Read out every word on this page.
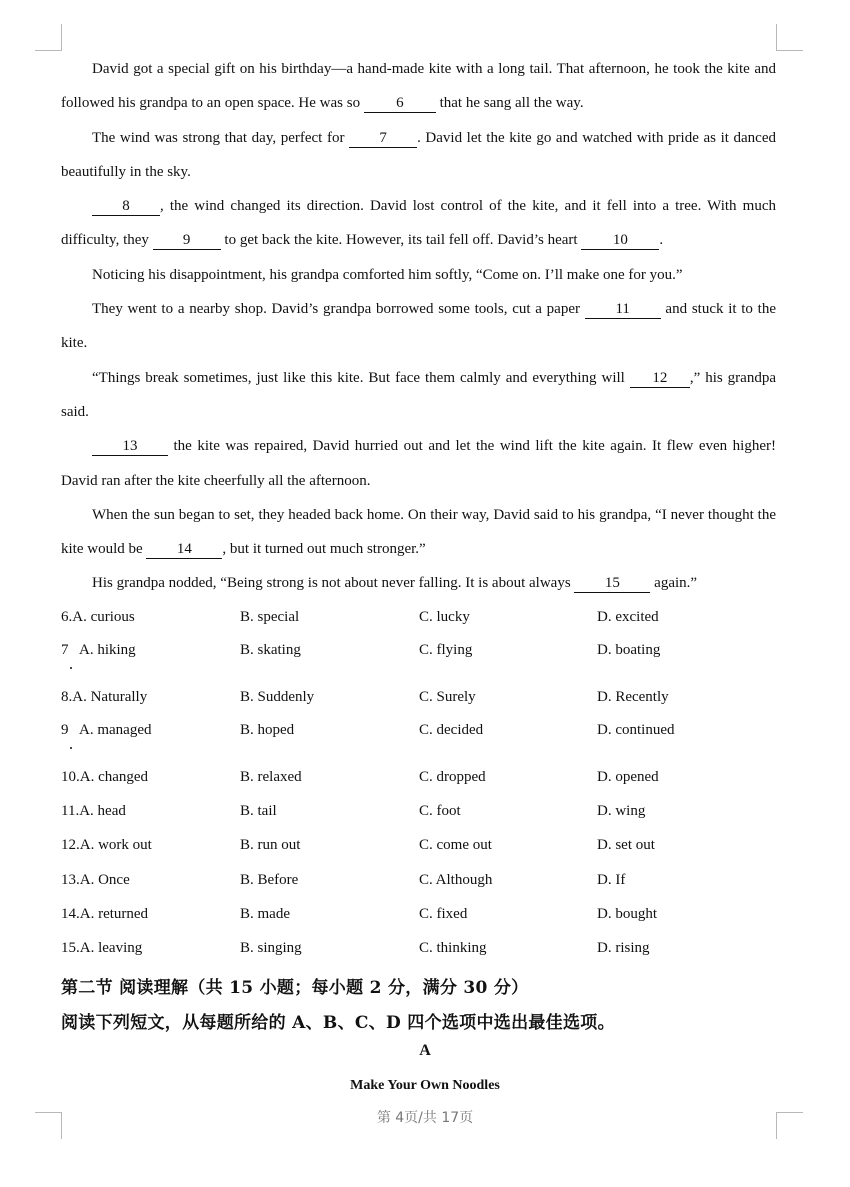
David got a special gift on his birthday—a hand-made kite with a long tail. That afternoon, he took the kite and followed his grandpa to an open space. He was so 6 that he sang all the way.

The wind was strong that day, perfect for 7 . David let the kite go and watched with pride as it danced beautifully in the sky.

8 , the wind changed its direction. David lost control of the kite, and it fell into a tree. With much difficulty, they 9 to get back the kite. However, its tail fell off. David’s heart 10 .

Noticing his disappointment, his grandpa comforted him softly, “Come on. I’ll make one for you.”

They went to a nearby shop. David’s grandpa borrowed some tools, cut a paper 11 and stuck it to the kite.

“Things break sometimes, just like this kite. But face them calmly and everything will 12 ,” his grandpa said.

13 the kite was repaired, David hurried out and let the wind lift the kite again. It flew even higher! David ran after the kite cheerfully all the afternoon.

When the sun began to set, they headed back home. On their way, David said to his grandpa, “I never thought the kite would be 14 , but it turned out much stronger.”

His grandpa nodded, “Being strong is not about never falling. It is about always 15 again.”

6.A. curious	B. special	C. lucky	D. excited
7 A. hiking	B. skating	C. flying	D. boating
8.A. Naturally	B. Suddenly	C. Surely	D. Recently
9 A. managed	B. hoped	C. decided	D. continued
10.A. changed	B. relaxed	C. dropped	D. opened
11.A. head	B. tail	C. foot	D. wing
12.A. work out	B. run out	C. come out	D. set out
13.A. Once	B. Before	C. Although	D. If
14.A. returned	B. made	C. fixed	D. bought
15.A. leaving	B. singing	C. thinking	D. rising
第二节 阅读理解（共 15 小题；每小题 2 分，满分 30 分）
阅读下列短文，从每题所给的 A、B、C、D 四个选项中选出最佳选项。
A
Make Your Own Noodles
第 4页/共 17页
